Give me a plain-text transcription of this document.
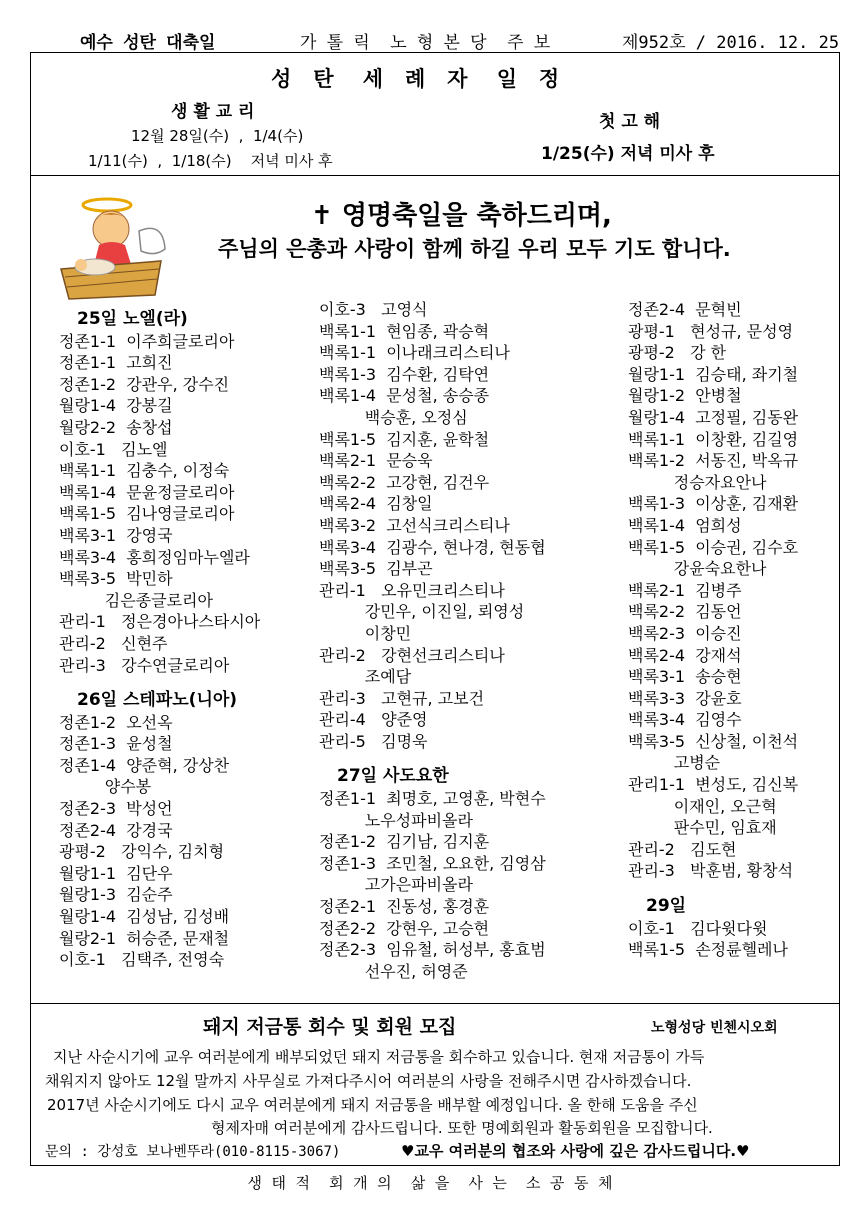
예수 성탄 대축일	가 톨 릭  노 형 본 당  주 보	제952호 / 2016. 12. 25
성   탄    세   례   자    일   정
생 활 교 리
12월 28일(수)  ,  1/4(수)
1/11(수)  ,  1/18(수)    저녁 미사 후
첫 고 해
1/25(수) 저녁 미사 후
✝ 영명축일을 축하드리며,
주님의 은총과 사랑이 함께 하길 우리 모두 기도 합니다.
25일 노엘(라)
정존1-1  이주희글로리아
정존1-1  고희진
정존1-2  강관우, 강수진
월랑1-4  강봉길
월랑2-2  송창섭
이호-1   김노엘
백록1-1  김충수, 이정숙
백록1-4  문윤정글로리아
백록1-5  김나영글로리아
백록3-1  강영국
백록3-4  홍희정임마누엘라
백록3-5  박민하
김은종글로리아
관리-1   정은경아나스타시아
관리-2   신현주
관리-3   강수연글로리아
26일 스테파노(니아)
정존1-2  오선옥
정존1-3  윤성철
정존1-4  양준혁, 강상찬
양수봉
정존2-3  박성언
정존2-4  강경국
광평-2   강익수, 김치형
월랑1-1  김단우
월랑1-3  김순주
월랑1-4  김성남, 김성배
월랑2-1  허승준, 문재철
이호-1   김택주, 전영숙
이호-3   고영식
백록1-1  현임종, 곽승혁
백록1-1  이나래크리스티나
백록1-3  김수환, 김탁연
백록1-4  문성철, 송승종
백승훈, 오정심
백록1-5  김지훈, 윤학철
백록2-1  문승욱
백록2-2  고강현, 김건우
백록2-4  김창일
백록3-2  고선식크리스티나
백록3-4  김광수, 현나경, 현동협
백록3-5  김부곤
관리-1   오유민크리스티나
강민우, 이진일, 뢰영성
이창민
관리-2   강현선크리스티나
조예담
관리-3   고현규, 고보건
관리-4   양준영
관리-5   김명욱
27일 사도요한
정존1-1  최명호, 고영훈, 박현수
노우성파비올라
정존1-2  김기남, 김지훈
정존1-3  조민철, 오요한, 김영삼
고가은파비올라
정존2-1  진동성, 홍경훈
정존2-2  강현우, 고승현
정존2-3  임유철, 허성부, 홍효범
선우진, 허영준
정존2-4  문혁빈
광평-1   현성규, 문성영
광평-2   강 한
월랑1-1  김승태, 좌기철
월랑1-2  안병철
월랑1-4  고정필, 김동완
백록1-1  이창환, 김길영
백록1-2  서동진, 박옥규
정승자요안나
백록1-3  이상훈, 김재환
백록1-4  엄희성
백록1-5  이승권, 김수호
강윤숙요한나
백록2-1  김병주
백록2-2  김동언
백록2-3  이승진
백록2-4  강재석
백록3-1  송승현
백록3-3  강윤호
백록3-4  김영수
백록3-5  신상철, 이천석
고병순
관리1-1  변성도, 김신복
이재인, 오근혁
판수민, 임효재
관리-2   김도현
관리-3   박훈범, 황창석
29일
이호-1   김다윗다윗
백록1-5  손정륜헬레나
돼지 저금통 회수 및 회원 모집	노형성당 빈첸시오회
지난 사순시기에 교우 여러분에게 배부되었던 돼지 저금통을 회수하고 있습니다. 현재 저금통이 가득
채워지지 않아도 12월 말까지 사무실로 가져다주시어 여러분의 사랑을 전해주시면 감사하겠습니다.
2017년 사순시기에도 다시 교우 여러분에게 돼지 저금통을 배부할 예정입니다. 올 한해 도움을 주신
형제자매 여러분에게 감사드립니다. 또한 명예회원과 활동회원을 모집합니다.
문의 : 강성호 보나벤뚜라(010-8115-3067)	♥교우 여러분의 협조와 사랑에 깊은 감사드립니다.♥
생  태  적    회  개  의    삶  을    사  는    소  공  동  체
